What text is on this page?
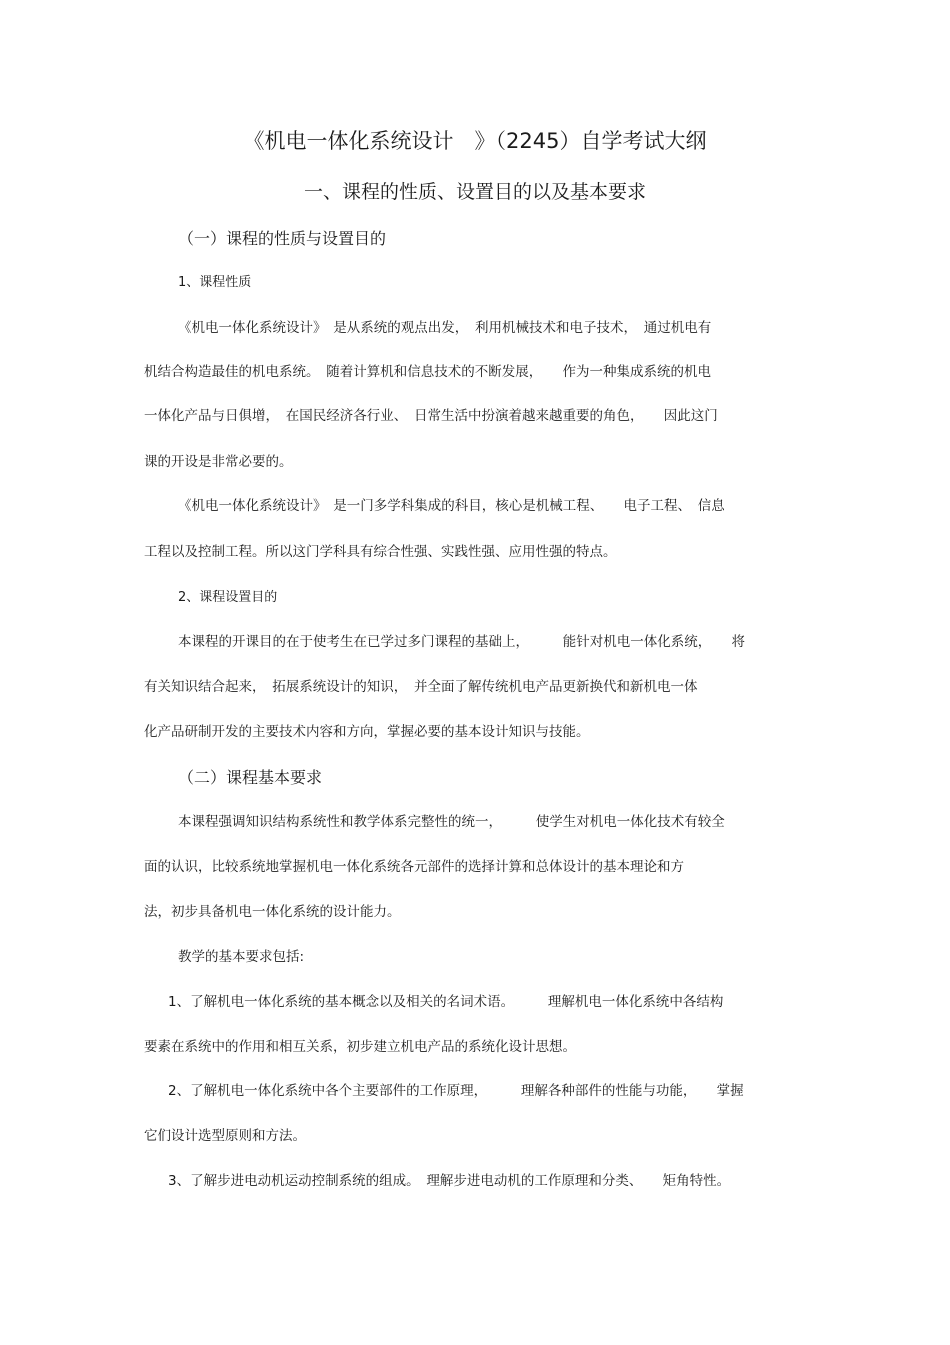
《机电一体化系统设计　》（2245）自学考试大纲
一、课程的性质、设置目的以及基本要求
（一）课程的性质与设置目的
1、课程性质
《机电一体化系统设计》　是从系统的观点出发，　利用机械技术和电子技术，　通过机电有
机结合构造最佳的机电系统。　随着计算机和信息技术的不断发展，　　作为一种集成系统的机电
一体化产品与日俱增，　在国民经济各行业、　日常生活中扮演着越来越重要的角色，　　因此这门
课的开设是非常必要的。
《机电一体化系统设计》　是一门多学科集成的科目，核心是机械工程、　　电子工程、　信息
工程以及控制工程。所以这门学科具有综合性强、实践性强、应用性强的特点。
2、课程设置目的
本课程的开课目的在于使考生在已学过多门课程的基础上，　　　能针对机电一体化系统，　　将
有关知识结合起来，　拓展系统设计的知识，　并全面了解传统机电产品更新换代和新机电一体
化产品研制开发的主要技术内容和方向，掌握必要的基本设计知识与技能。
（二）课程基本要求
本课程强调知识结构系统性和教学体系完整性的统一，　　　使学生对机电一体化技术有较全
面的认识，比较系统地掌握机电一体化系统各元部件的选择计算和总体设计的基本理论和方
法，初步具备机电一体化系统的设计能力。
教学的基本要求包括:
1、了解机电一体化系统的基本概念以及相关的名词术语。　　　理解机电一体化系统中各结构
要素在系统中的作用和相互关系，初步建立机电产品的系统化设计思想。
2、了解机电一体化系统中各个主要部件的工作原理，　　　理解各种部件的性能与功能，　　掌握
它们设计选型原则和方法。
3、了解步进电动机运动控制系统的组成。　理解步进电动机的工作原理和分类、　　矩角特性。
